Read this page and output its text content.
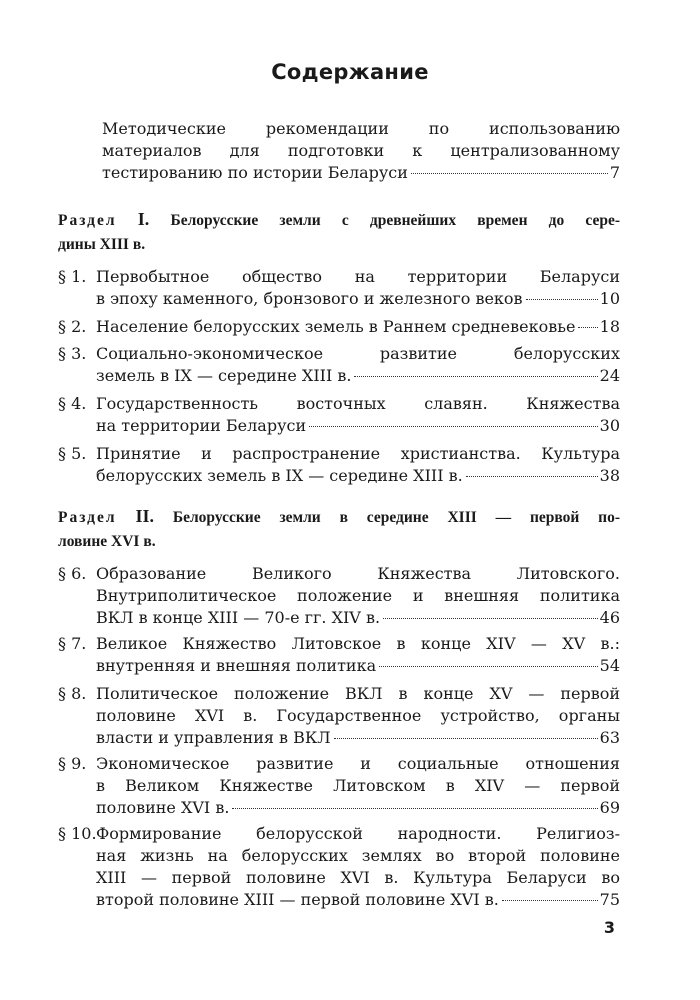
Содержание
Методические рекомендации по использованию
материалов для подготовки к централизованному
тестированию по истории Беларуси	7
Раздел I. Белорусские земли с древнейших времен до сере-
дины XIII в.
§ 1. Первобытное общество на территории Беларуси
в эпоху каменного, бронзового и железного веков	10
§ 2. Население белорусских земель в Раннем средневековье 18
§ 3. Социально-экономическое развитие белорусских
земель в IX — середине XIII в.	24
§ 4. Государственность восточных славян. Княжества
на территории Беларуси	30
§ 5. Принятие и распространение христианства. Культура
белорусских земель в IX — середине XIII в.	38
Раздел II. Белорусские земли в середине XIII — первой по-
ловине XVI в.
§ 6. Образование Великого Княжества Литовского.
Внутриполитическое положение и внешняя политика
ВКЛ в конце XIII — 70-е гг. XIV в.	46
§ 7. Великое Княжество Литовское в конце XIV — XV в.:
внутренняя и внешняя политика	54
§ 8. Политическое положение ВКЛ в конце XV — первой
половине XVI в. Государственное устройство, органы
власти и управления в ВКЛ	63
§ 9. Экономическое развитие и социальные отношения
в Великом Княжестве Литовском в XIV — первой
половине XVI в.	69
§ 10. Формирование белорусской народности. Религиоз-
ная жизнь на белорусских землях во второй половине
XIII — первой половине XVI в. Культура Беларуси во
второй половине XIII — первой половине XVI в.	75
3
